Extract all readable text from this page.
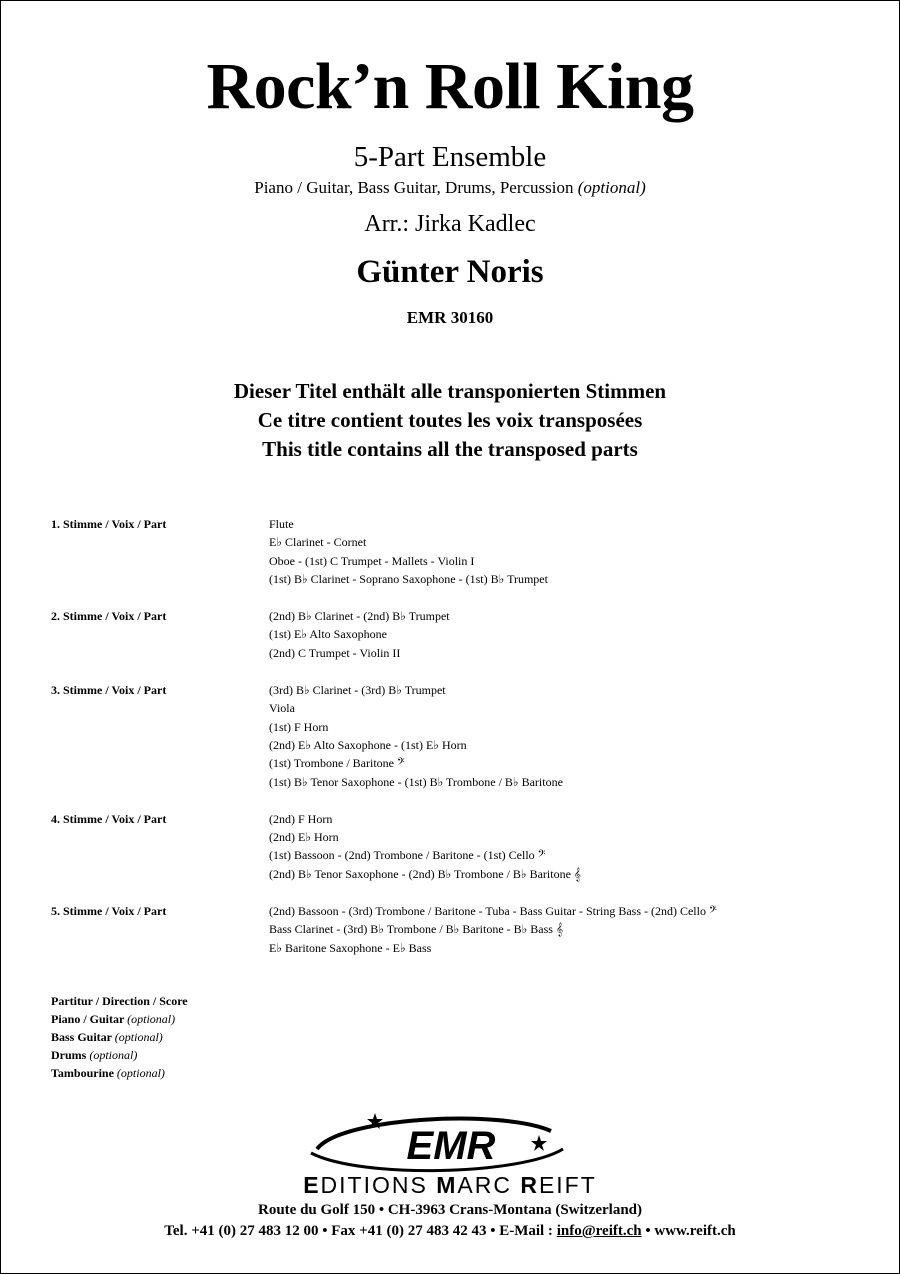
Rock’n Roll King
5-Part Ensemble
Piano / Guitar, Bass Guitar, Drums, Percussion (optional)
Arr.: Jirka Kadlec
Günter Noris
EMR 30160
Dieser Titel enthält alle transponierten Stimmen
Ce titre contient toutes les voix transposées
This title contains all the transposed parts
1. Stimme / Voix / Part	Flute
E♭ Clarinet - Cornet
Oboe - (1st) C Trumpet - Mallets - Violin I
(1st) B♭ Clarinet - Soprano Saxophone - (1st) B♭ Trumpet
2. Stimme / Voix / Part	(2nd) B♭ Clarinet - (2nd) B♭ Trumpet
(1st) E♭ Alto Saxophone
(2nd) C Trumpet - Violin II
3. Stimme / Voix / Part	(3rd) B♭ Clarinet - (3rd) B♭ Trumpet
Viola
(1st) F Horn
(2nd) E♭ Alto Saxophone - (1st) E♭ Horn
(1st) Trombone / Baritone 𝄢
(1st) B♭ Tenor Saxophone - (1st) B♭ Trombone / B♭ Baritone
4. Stimme / Voix / Part	(2nd) F Horn
(2nd) E♭ Horn
(1st) Bassoon - (2nd) Trombone / Baritone - (1st) Cello 𝄢
(2nd) B♭ Tenor Saxophone - (2nd) B♭ Trombone / B♭ Baritone 𝄞
5. Stimme / Voix / Part	(2nd) Bassoon - (3rd) Trombone / Baritone - Tuba - Bass Guitar - String Bass - (2nd) Cello 𝄢
Bass Clarinet - (3rd) B♭ Trombone / B♭ Baritone - B♭ Bass 𝄞
E♭ Baritone Saxophone - E♭ Bass
Partitur / Direction / Score
Piano / Guitar (optional)
Bass Guitar (optional)
Drums (optional)
Tambourine (optional)
EMR
EDITIONS MARC REIFT
Route du Golf 150 • CH-3963 Crans-Montana (Switzerland)
Tel. +41 (0) 27 483 12 00 • Fax +41 (0) 27 483 42 43 • E-Mail : info@reift.ch • www.reift.ch
